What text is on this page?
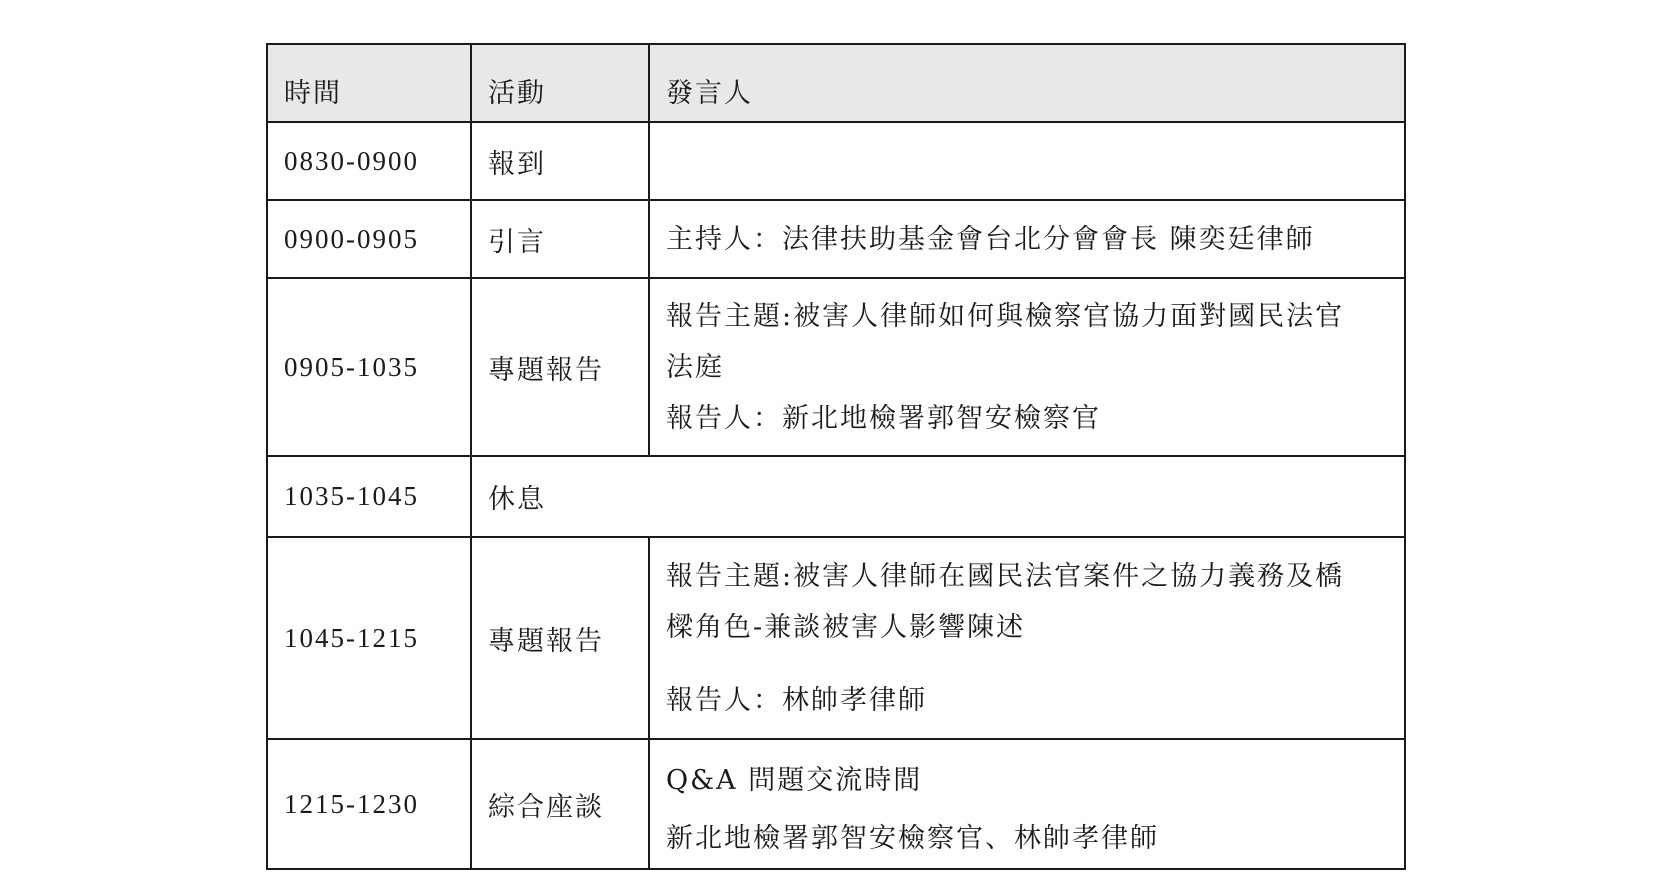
時間	活動	發言人
0830-0900	報到	
0900-0905	引言	主持人：法律扶助基金會台北分會會長 陳奕廷律師

0905-1035	專題報告	報告主題:被害人律師如何與檢察官協力面對國民法官
法庭
報告人：新北地檢署郭智安檢察官

1035-1045	休息	
1045-1215	專題報告	報告主題:被害人律師在國民法官案件之協力義務及橋
樑角色-兼談被害人影響陳述
報告人：林帥孝律師

1215-1230	綜合座談	Q&A 問題交流時間
新北地檢署郭智安檢察官、林帥孝律師
